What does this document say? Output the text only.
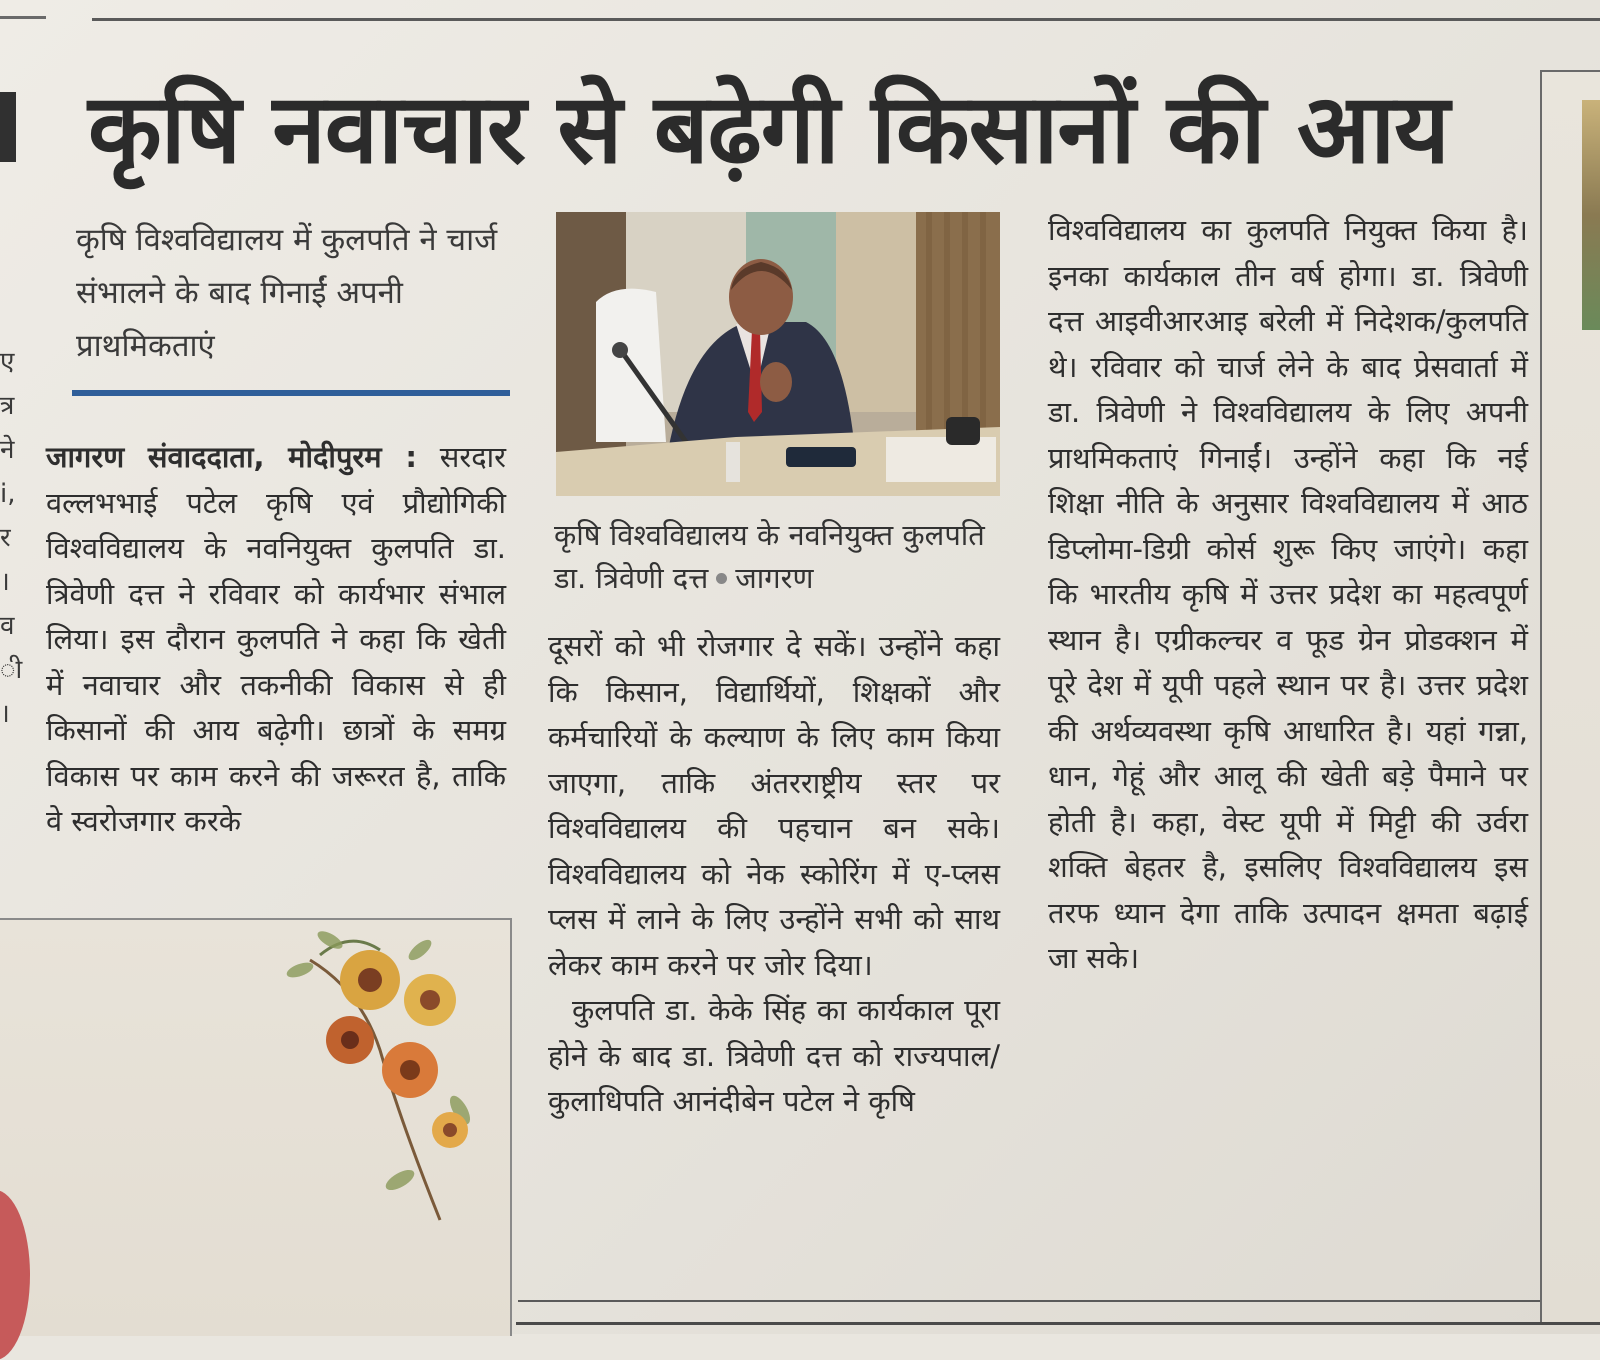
ए
त्र
ने
i,
र
।
व
ी
।
कृषि नवाचार से बढ़ेगी किसानों की आय

कृषि विश्वविद्यालय में कुलपति ने चार्ज संभालने के बाद गिनाईं अपनी प्राथमिकताएं

जागरण संवाददाता, मोदीपुरम : सरदार वल्लभभाई पटेल कृषि एवं प्रौद्योगिकी विश्वविद्यालय के नवनियुक्त कुलपति डा. त्रिवेणी दत्त ने रविवार को कार्यभार संभाल लिया। इस दौरान कुलपति ने कहा कि खेती में नवाचार और तकनीकी विकास से ही किसानों की आय बढ़ेगी। छात्रों के समग्र विकास पर काम करने की जरूरत है, ताकि वे स्वरोजगार करके

कृषि विश्वविद्यालय के नवनियुक्त कुलपति डा. त्रिवेणी दत्त जागरण

दूसरों को भी रोजगार दे सकें। उन्होंने कहा कि किसान, विद्यार्थियों, शिक्षकों और कर्मचारियों के कल्याण के लिए काम किया जाएगा, ताकि अंतरराष्ट्रीय स्तर पर विश्वविद्यालय की पहचान बन सके। विश्वविद्यालय को नेक स्कोरिंग में ए-प्लस प्लस में लाने के लिए उन्होंने सभी को साथ लेकर काम करने पर जोर दिया।

कुलपति डा. केके सिंह का कार्यकाल पूरा होने के बाद डा. त्रिवेणी दत्त को राज्यपाल/कुलाधिपति आनंदीबेन पटेल ने कृषि

विश्वविद्यालय का कुलपति नियुक्त किया है। इनका कार्यकाल तीन वर्ष होगा। डा. त्रिवेणी दत्त आइवीआरआइ बरेली में निदेशक/कुलपति थे। रविवार को चार्ज लेने के बाद प्रेसवार्ता में डा. त्रिवेणी ने विश्वविद्यालय के लिए अपनी प्राथमिकताएं गिनाईं। उन्होंने कहा कि नई शिक्षा नीति के अनुसार विश्वविद्यालय में आठ डिप्लोमा-डिग्री कोर्स शुरू किए जाएंगे। कहा कि भारतीय कृषि में उत्तर प्रदेश का महत्वपूर्ण स्थान है। एग्रीकल्चर व फूड ग्रेन प्रोडक्शन में पूरे देश में यूपी पहले स्थान पर है। उत्तर प्रदेश की अर्थव्यवस्था कृषि आधारित है। यहां गन्ना, धान, गेहूं और आलू की खेती बड़े पैमाने पर होती है। कहा, वेस्ट यूपी में मिट्टी की उर्वरा शक्ति बेहतर है, इसलिए विश्वविद्यालय इस तरफ ध्यान देगा ताकि उत्पादन क्षमता बढ़ाई जा सके।
